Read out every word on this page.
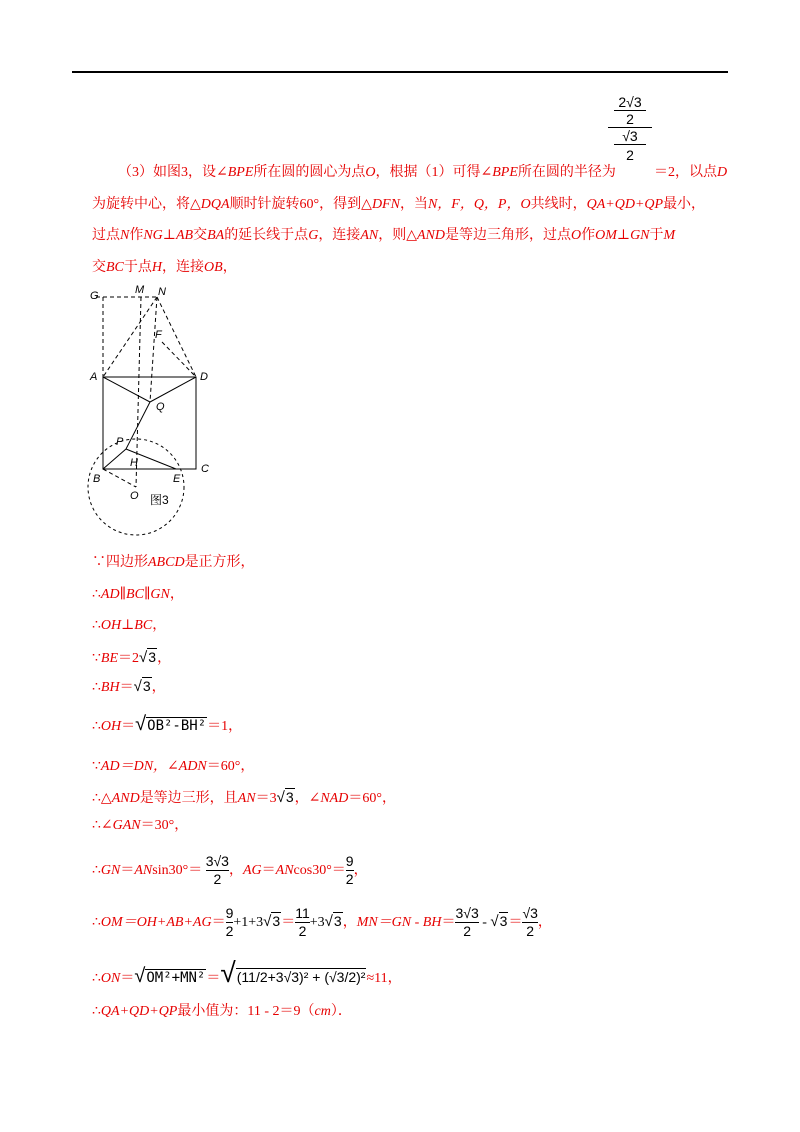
2√3
2
√3
2
（3）如图3，设∠BPE所在圆的圆心为点O，根据（1）可得∠BPE所在圆的半径为	＝2，以点D
为旋转中心，将△DQA顺时针旋转60°，得到△DFN，当N，F，Q，P，O共线时，QA+QD+QP最小，
过点N作NG⊥AB交BA的延长线于点G，连接AN，则△AND是等边三角形，过点O作OM⊥GN于M
交BC于点H，连接OB，
G	M N
F
A	D
Q
P
H
B	E
C
O 图3
∵四边形ABCD是正方形，
∴AD∥BC∥GN，
∴OH⊥BC，
∵BE＝2√3，
∴BH＝√3，
∴OH＝√OB²-BH²＝1，
∵AD＝DN，∠ADN＝60°，
∴△AND是等边三形，且AN＝3√3，∠NAD＝60°，
∴∠GAN＝30°，
∴GN＝ANsin30°＝ $\frac{3√3}{2}$ ，$AG=ANcos30^\circ= \frac{9}{2}$ ，
∴OM＝OH+AB+AG＝ $\frac{9}{2} +1+3√3= \frac{11}{2} +3√3$，$MN=GN - BH= \frac{3√3}{2} - √3= \frac{√3}{2}$ ，
∴ON＝√OM²+MN²＝√(11/2+3√3)² + (√3/2)²≈11，
∴QA+QD+QP最小值为：11 - 2＝9（cm）．
